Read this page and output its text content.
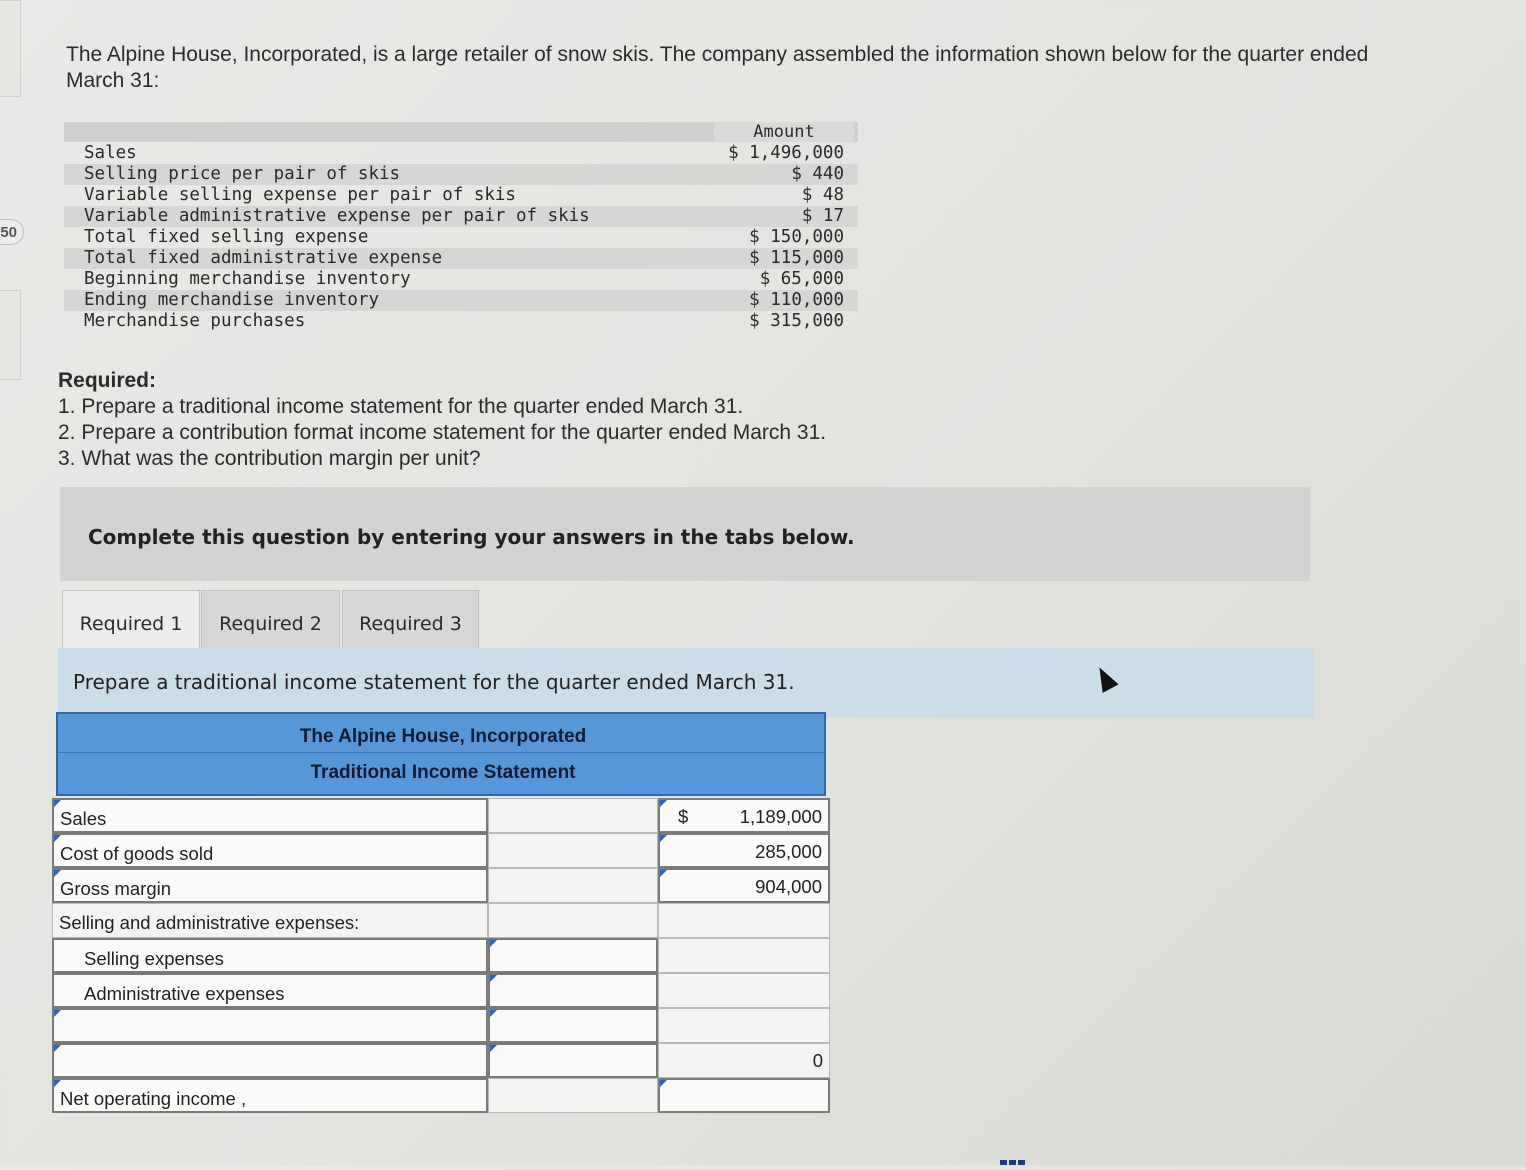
50
The Alpine House, Incorporated, is a large retailer of snow skis. The company assembled the information shown below for the quarter ended March 31:
Amount
Sales	$ 1,496,000
Selling price per pair of skis	$ 440
Variable selling expense per pair of skis	$ 48
Variable administrative expense per pair of skis	$ 17
Total fixed selling expense	$ 150,000
Total fixed administrative expense	$ 115,000
Beginning merchandise inventory	$ 65,000
Ending merchandise inventory	$ 110,000
Merchandise purchases	$ 315,000
Required:
1. Prepare a traditional income statement for the quarter ended March 31.
2. Prepare a contribution format income statement for the quarter ended March 31.
3. What was the contribution margin per unit?
Complete this question by entering your answers in the tabs below.
Required 1	Required 2	Required 3
Prepare a traditional income statement for the quarter ended March 31.
The Alpine House, Incorporated
Traditional Income Statement
Sales	$	1,189,000
Cost of goods sold	285,000
Gross margin	904,000
Selling and administrative expenses:
Selling expenses
Administrative expenses
0
Net operating income ,
